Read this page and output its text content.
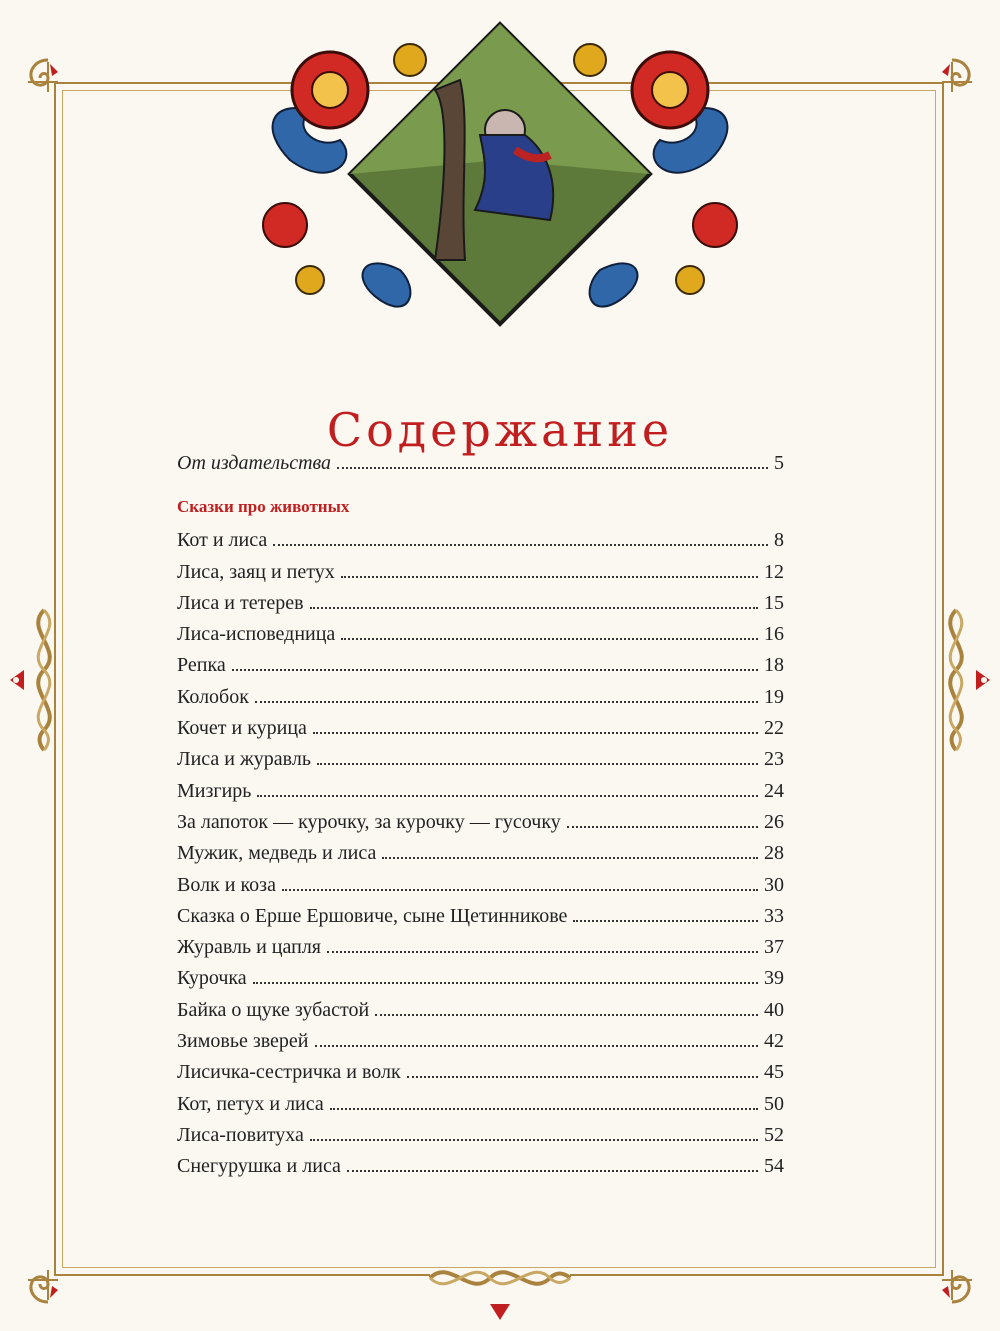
Содержание
От издательства	5
Сказки про животных
Кот и лиса	8
Лиса, заяц и петух	12
Лиса и тетерев	15
Лиса-исповедница	16
Репка	18
Колобок	19
Кочет и курица	22
Лиса и журавль	23
Мизгирь	24
За лапоток — курочку, за курочку — гусочку	26
Мужик, медведь и лиса	28
Волк и коза	30
Сказка о Ерше Ершовиче, сыне Щетинникове	33
Журавль и цапля	37
Курочка	39
Байка о щуке зубастой	40
Зимовье зверей	42
Лисичка-сестричка и волк	45
Кот, петух и лиса	50
Лиса-повитуха	52
Снегурушка и лиса	54
